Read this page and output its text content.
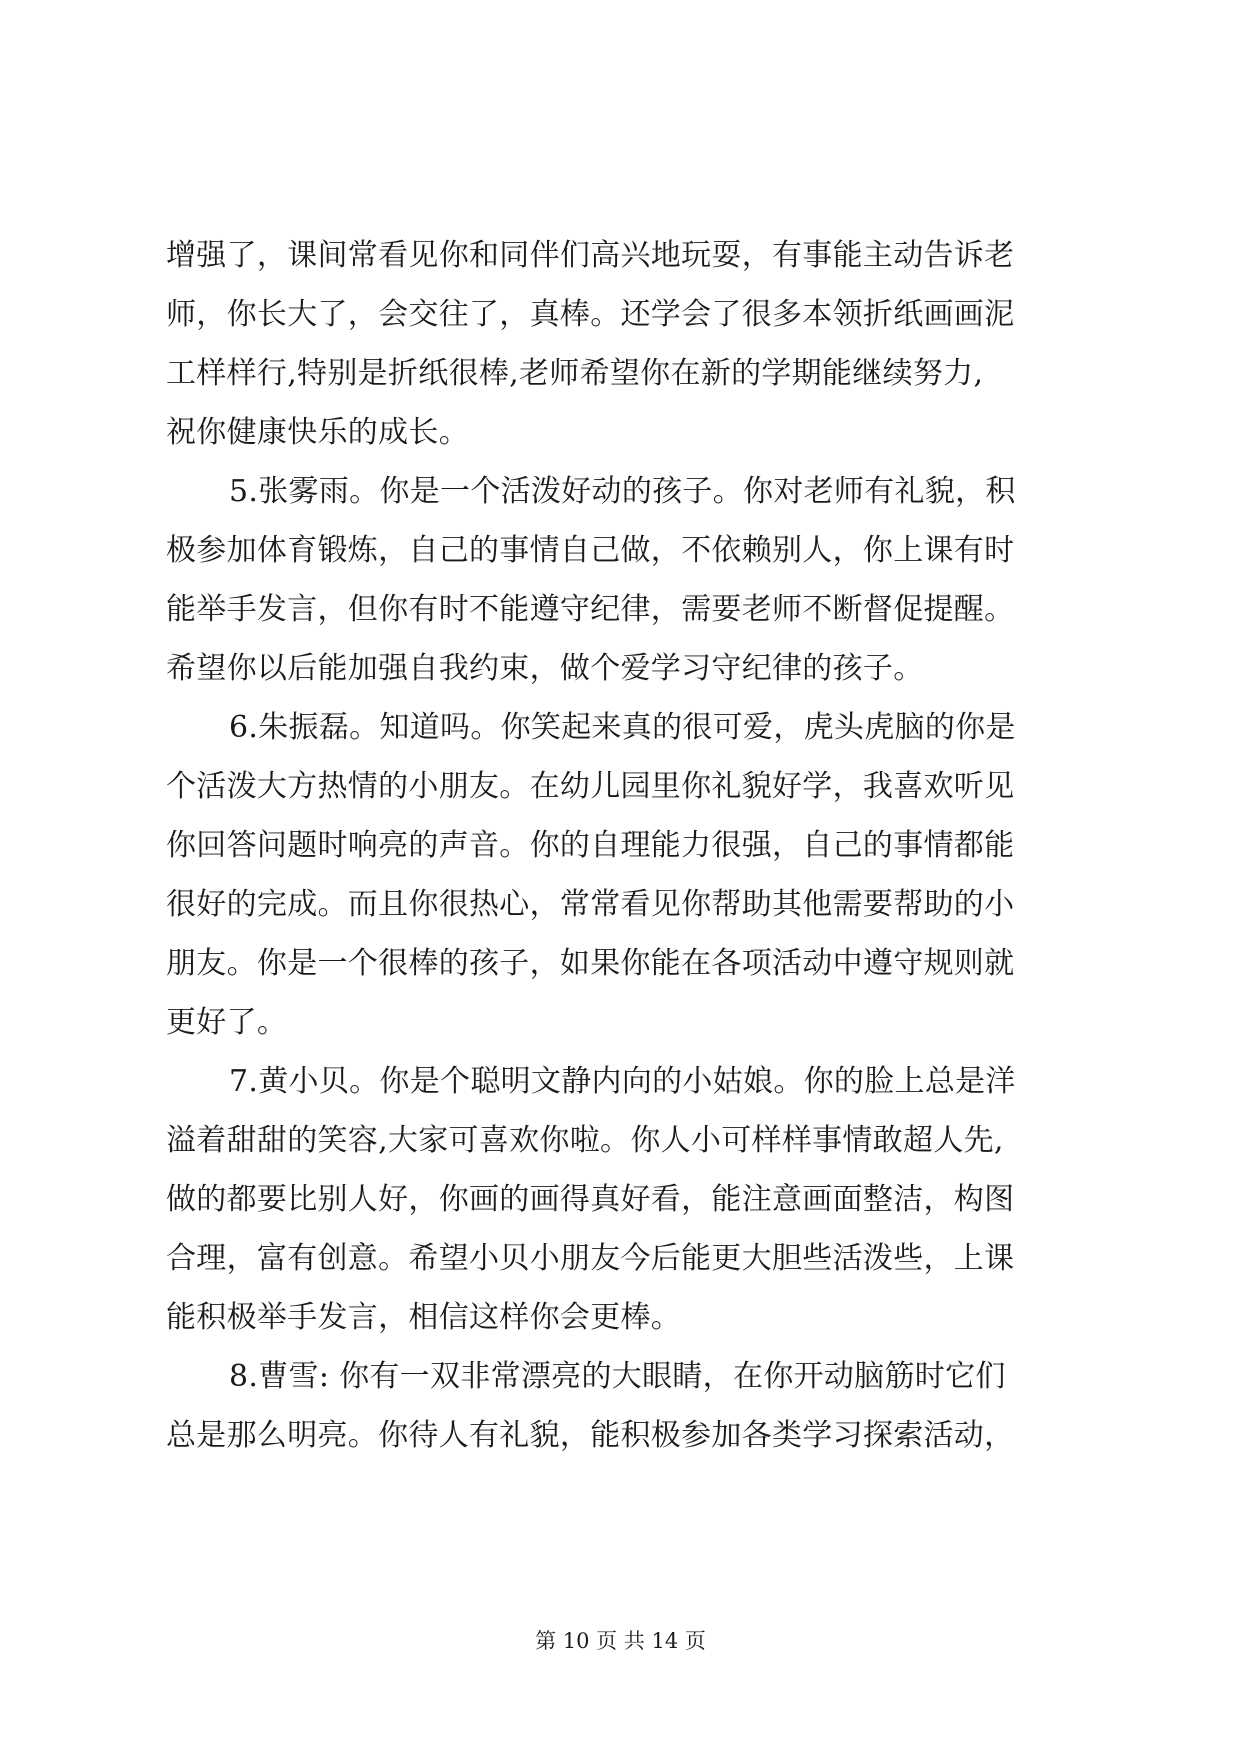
增强了，课间常看见你和同伴们高兴地玩耍，有事能主动告诉老
师，你长大了，会交往了，真棒。还学会了很多本领折纸画画泥
工样样行,特别是折纸很棒,老师希望你在新的学期能继续努力,
祝你健康快乐的成长。
5.张雾雨。你是一个活泼好动的孩子。你对老师有礼貌，积
极参加体育锻炼，自己的事情自己做，不依赖别人，你上课有时
能举手发言，但你有时不能遵守纪律，需要老师不断督促提醒。
希望你以后能加强自我约束，做个爱学习守纪律的孩子。
6.朱振磊。知道吗。你笑起来真的很可爱，虎头虎脑的你是
个活泼大方热情的小朋友。在幼儿园里你礼貌好学，我喜欢听见
你回答问题时响亮的声音。你的自理能力很强，自己的事情都能
很好的完成。而且你很热心，常常看见你帮助其他需要帮助的小
朋友。你是一个很棒的孩子，如果你能在各项活动中遵守规则就
更好了。
7.黄小贝。你是个聪明文静内向的小姑娘。你的脸上总是洋
溢着甜甜的笑容,大家可喜欢你啦。你人小可样样事情敢超人先,
做的都要比别人好，你画的画得真好看，能注意画面整洁，构图
合理，富有创意。希望小贝小朋友今后能更大胆些活泼些，上课
能积极举手发言，相信这样你会更棒。
8.曹雪: 你有一双非常漂亮的大眼睛，在你开动脑筋时它们
总是那么明亮。你待人有礼貌，能积极参加各类学习探索活动，
第 10 页 共 14 页
